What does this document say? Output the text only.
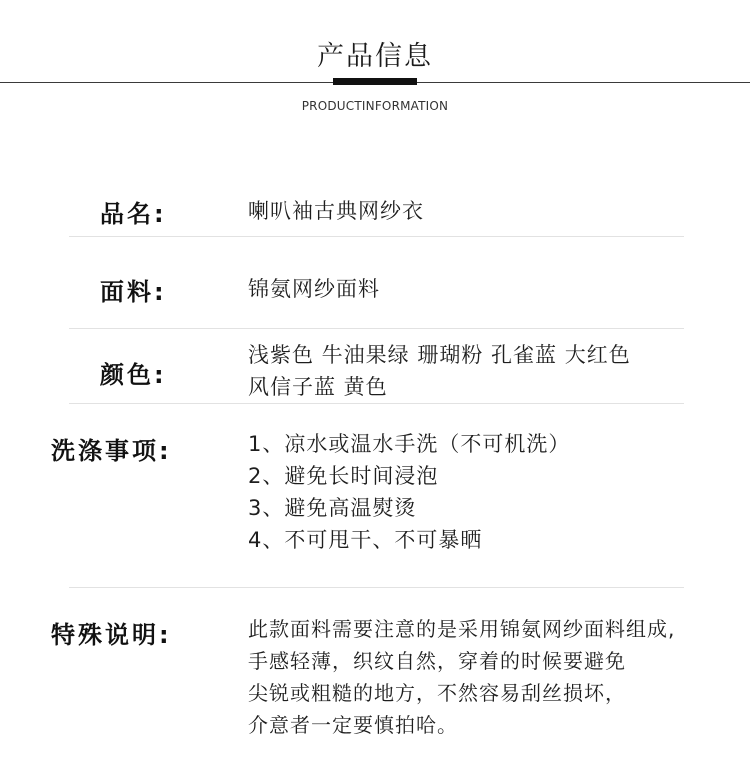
产品信息
PRODUCTINFORMATION
品名:	喇叭袖古典网纱衣
面料:	锦氨网纱面料
颜色:
浅紫色 牛油果绿 珊瑚粉 孔雀蓝 大红色
风信子蓝 黄色
洗涤事项:	1、凉水或温水手洗（不可机洗）
2、避免长时间浸泡
3、避免高温熨烫
4、不可甩干、不可暴晒
特殊说明:	此款面料需要注意的是采用锦氨网纱面料组成,
手感轻薄，织纹自然，穿着的时候要避免
尖锐或粗糙的地方，不然容易刮丝损坏，
介意者一定要慎拍哈。
